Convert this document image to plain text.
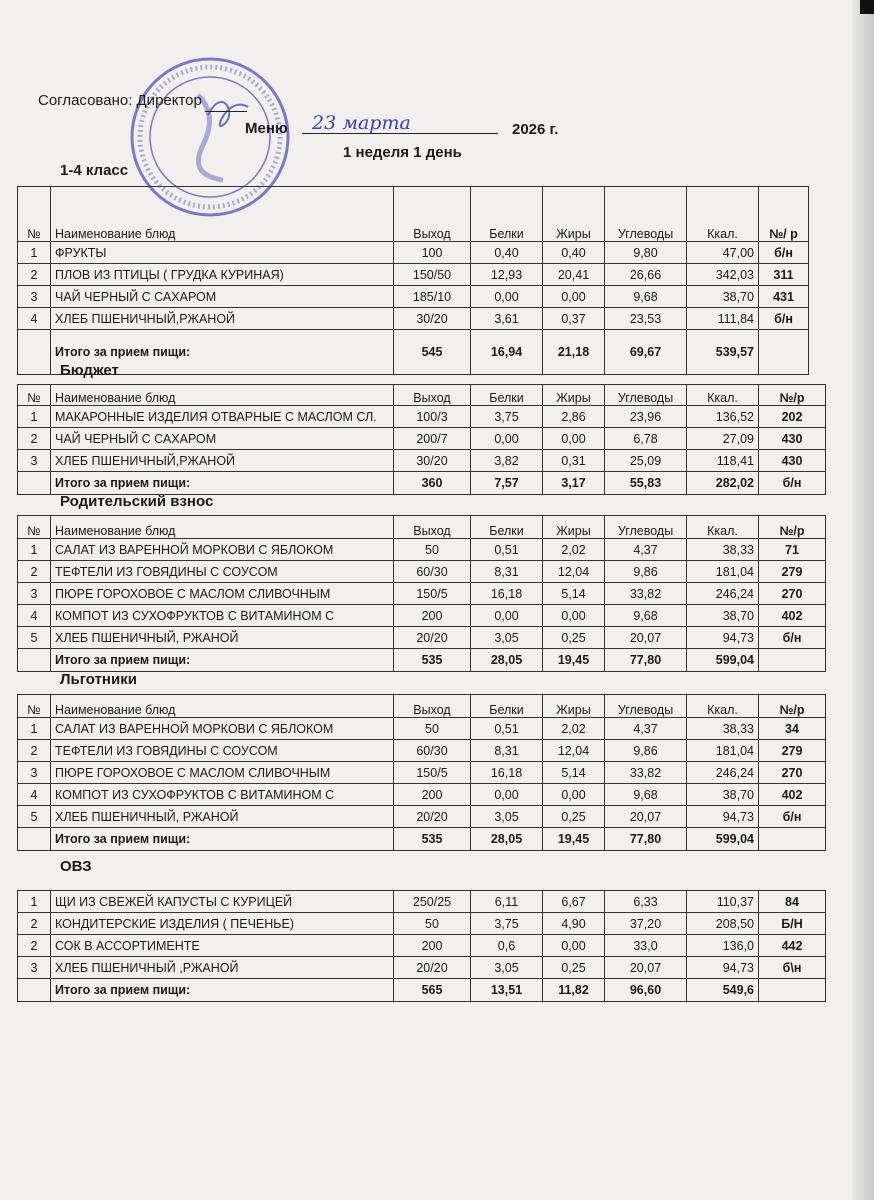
Согласовано: Директор
Меню	23 марта	2026 г.
1 неделя 1 день
1-4 класс
№	Наименование блюд	Выход	Белки	Жиры	Углеводы	Ккал.	№/ р
1	ФРУКТЫ	100	0,40	0,40	9,80	47,00	б/н
2	ПЛОВ ИЗ ПТИЦЫ ( ГРУДКА КУРИНАЯ)	150/50	12,93	20,41	26,66	342,03	311
3	ЧАЙ ЧЕРНЫЙ С САХАРОМ	185/10	0,00	0,00	9,68	38,70	431
4	ХЛЕБ ПШЕНИЧНЫЙ,РЖАНОЙ	30/20	3,61	0,37	23,53	111,84	б/н
	Итого за прием пищи:	545	16,94	21,18	69,67	539,57	
Бюджет
№	Наименование блюд	Выход	Белки	Жиры	Углеводы	Ккал.	№/р
1	МАКАРОННЫЕ ИЗДЕЛИЯ ОТВАРНЫЕ С МАСЛОМ СЛ.	100/3	3,75	2,86	23,96	136,52	202
2	ЧАЙ ЧЕРНЫЙ С САХАРОМ	200/7	0,00	0,00	6,78	27,09	430
3	ХЛЕБ ПШЕНИЧНЫЙ,РЖАНОЙ	30/20	3,82	0,31	25,09	118,41	430
	Итого за прием пищи:	360	7,57	3,17	55,83	282,02	б/н
Родительский взнос
№	Наименование блюд	Выход	Белки	Жиры	Углеводы	Ккал.	№/р
1	САЛАТ ИЗ ВАРЕННОЙ МОРКОВИ С ЯБЛОКОМ	50	0,51	2,02	4,37	38,33	71
2	ТЕФТЕЛИ ИЗ ГОВЯДИНЫ С СОУСОМ	60/30	8,31	12,04	9,86	181,04	279
3	ПЮРЕ ГОРОХОВОЕ С МАСЛОМ СЛИВОЧНЫМ	150/5	16,18	5,14	33,82	246,24	270
4	КОМПОТ ИЗ СУХОФРУКТОВ С ВИТАМИНОМ С	200	0,00	0,00	9,68	38,70	402
5	ХЛЕБ ПШЕНИЧНЫЙ, РЖАНОЙ	20/20	3,05	0,25	20,07	94,73	б/н
	Итого за прием пищи:	535	28,05	19,45	77,80	599,04	
Льготники
№	Наименование блюд	Выход	Белки	Жиры	Углеводы	Ккал.	№/р
1	САЛАТ ИЗ ВАРЕННОЙ МОРКОВИ С ЯБЛОКОМ	50	0,51	2,02	4,37	38,33	34
2	ТЕФТЕЛИ ИЗ ГОВЯДИНЫ С СОУСОМ	60/30	8,31	12,04	9,86	181,04	279
3	ПЮРЕ ГОРОХОВОЕ С МАСЛОМ СЛИВОЧНЫМ	150/5	16,18	5,14	33,82	246,24	270
4	КОМПОТ ИЗ СУХОФРУКТОВ С ВИТАМИНОМ С	200	0,00	0,00	9,68	38,70	402
5	ХЛЕБ ПШЕНИЧНЫЙ, РЖАНОЙ	20/20	3,05	0,25	20,07	94,73	б/н
	Итого за прием пищи:	535	28,05	19,45	77,80	599,04	
ОВЗ
1	ЩИ ИЗ СВЕЖЕЙ КАПУСТЫ С КУРИЦЕЙ	250/25	6,11	6,67	6,33	110,37	84
2	КОНДИТЕРСКИЕ ИЗДЕЛИЯ ( ПЕЧЕНЬЕ)	50	3,75	4,90	37,20	208,50	Б/Н
2	СОК В АССОРТИМЕНТЕ	200	0,6	0,00	33,0	136,0	442
3	ХЛЕБ ПШЕНИЧНЫЙ ,РЖАНОЙ	20/20	3,05	0,25	20,07	94,73	б\н
	Итого за прием пищи:	565	13,51	11,82	96,60	549,6	
